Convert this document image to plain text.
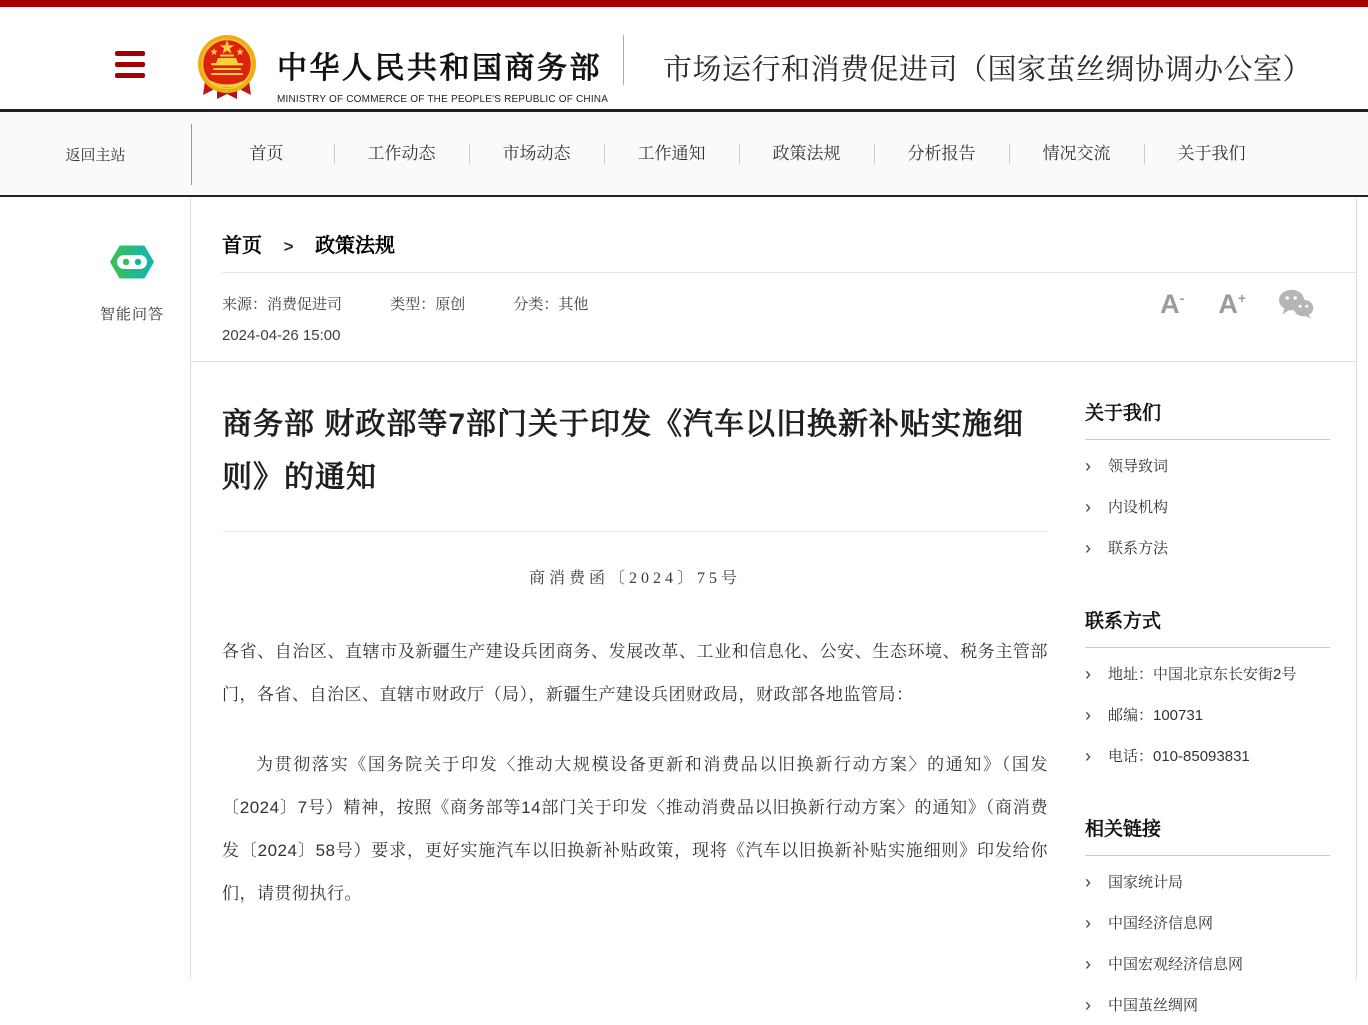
中华人民共和国商务部
MINISTRY OF COMMERCE OF THE PEOPLE'S REPUBLIC OF CHINA
市场运行和消费促进司（国家茧丝绸协调办公室）
返回主站	首页	工作动态	市场动态	工作通知	政策法规	分析报告	情况交流	关于我们
智能问答
首页 > 政策法规
来源：消费促进司	类型：原创	分类：其他
2024-04-26 15:00
A- A+
商务部 财政部等7部门关于印发《汽车以旧换新补贴实施细则》的通知
商消费函〔2024〕75号

各省、自治区、直辖市及新疆生产建设兵团商务、发展改革、工业和信息化、公安、生态环境、税务主管部门，各省、自治区、直辖市财政厅（局），新疆生产建设兵团财政局，财政部各地监管局：

为贯彻落实《国务院关于印发〈推动大规模设备更新和消费品以旧换新行动方案〉的通知》（国发〔2024〕7号）精神，按照《商务部等14部门关于印发〈推动消费品以旧换新行动方案〉的通知》（商消费发〔2024〕58号）要求，更好实施汽车以旧换新补贴政策，现将《汽车以旧换新补贴实施细则》印发给你们，请贯彻执行。

关于我们
› 领导致词
› 内设机构
› 联系方法
联系方式
› 地址：中国北京东长安街2号
› 邮编：100731
› 电话：010-85093831
相关链接
› 国家统计局
› 中国经济信息网
› 中国宏观经济信息网
› 中国茧丝绸网
